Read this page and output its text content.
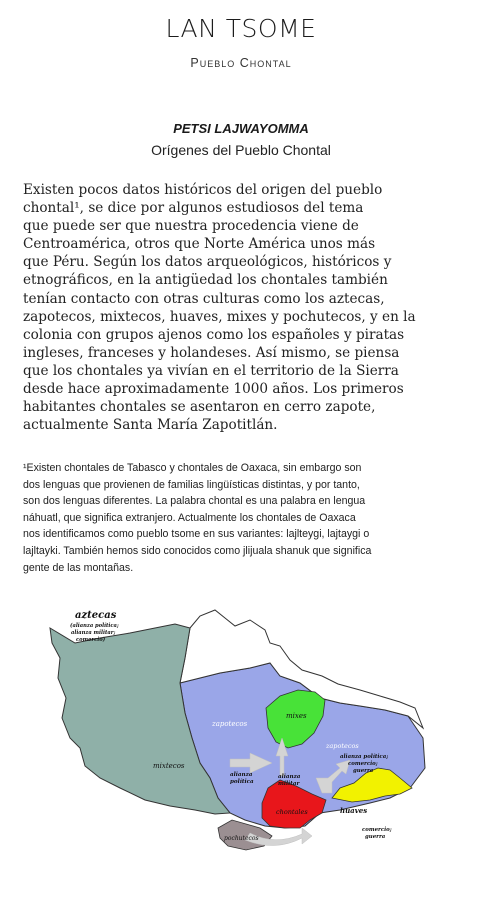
LAN TSOME
Pueblo Chontal
PETSI LAJWAYOMMA
Orígenes del Pueblo Chontal
Existen pocos datos históricos del origen del pueblo
chontal¹, se dice por algunos estudiosos del tema
que puede ser que nuestra procedencia viene de
Centroamérica, otros que Norte América unos más
que Péru. Según los datos arqueológicos, históricos y
etnográficos, en la antigüedad los chontales también
tenían contacto con otras culturas como los aztecas,
zapotecos, mixtecos, huaves, mixes y pochutecos, y en la
colonia con grupos ajenos como los españoles y piratas
ingleses, franceses y holandeses. Así mismo, se piensa
que los chontales ya vivían en el territorio de la Sierra
desde hace aproximadamente 1000 años. Los primeros
habitantes chontales se asentaron en cerro zapote,
actualmente Santa María Zapotitlán.
¹Existen chontales de Tabasco y chontales de Oaxaca, sin embargo son
dos lenguas que provienen de familias lingüísticas distintas, y por tanto,
son dos lenguas diferentes. La palabra chontal es una palabra en lengua
náhuatl, que significa extranjero. Actualmente los chontales de Oaxaca
nos identificamos como pueblo tsome en sus variantes: lajlteygi, lajtaygi o
lajltayki. También hemos sido conocidos como jlijuala shanuk que significa
gente de las montañas.
aztecas
(alianza política;
alianza militar;
comercio)
zapotecos
mixes
mixtecos
zapotecos
alianza política;
comercio;
guerra
alianza
política
alianza
militar
chontales	huaves
comercio;
guerra
pochutecos
